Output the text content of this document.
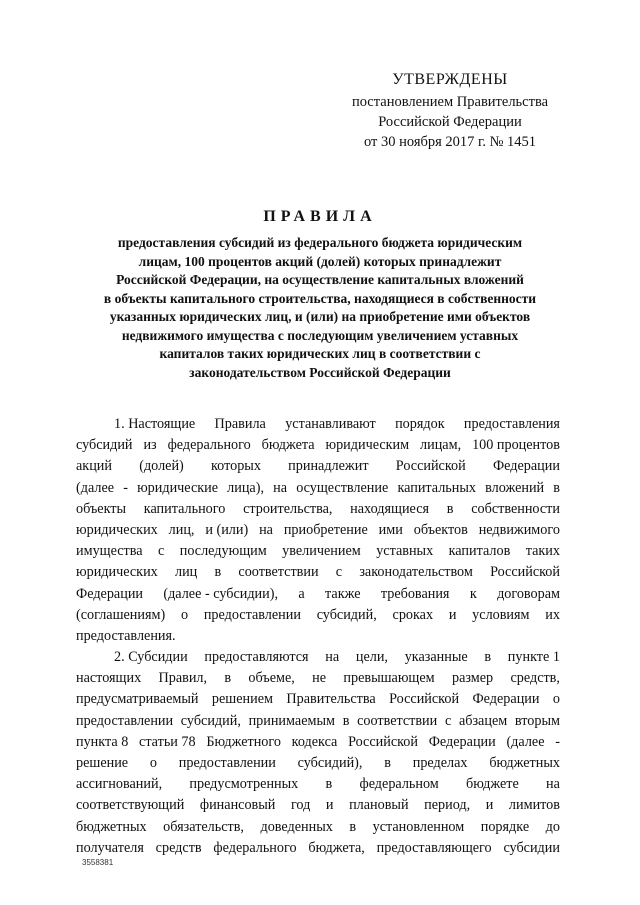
УТВЕРЖДЕНЫ
постановлением Правительства
Российской Федерации
от 30 ноября 2017 г. № 1451
ПРАВИЛА
предоставления субсидий из федерального бюджета юридическим
лицам, 100 процентов акций (долей) которых принадлежит
Российской Федерации, на осуществление капитальных вложений
в объекты капитального строительства, находящиеся в собственности
указанных юридических лиц, и (или) на приобретение ими объектов
недвижимого имущества с последующим увеличением уставных
капиталов таких юридических лиц в соответствии с
законодательством Российской Федерации
1. Настоящие Правила устанавливают порядок предоставления
субсидий из федерального бюджета юридическим лицам, 100 процентов
акций (долей) которых принадлежит Российской Федерации
(далее - юридические лица), на осуществление капитальных вложений в
объекты капитального строительства, находящиеся в собственности
юридических лиц, и (или) на приобретение ими объектов недвижимого
имущества с последующим увеличением уставных капиталов таких
юридических лиц в соответствии с законодательством Российской
Федерации (далее - субсидии), а также требования к договорам
(соглашениям) о предоставлении субсидий, сроках и условиям их
предоставления.
2. Субсидии предоставляются на цели, указанные в пункте 1
настоящих Правил, в объеме, не превышающем размер средств,
предусматриваемый решением Правительства Российской Федерации о
предоставлении субсидий, принимаемым в соответствии с абзацем вторым
пункта 8 статьи 78 Бюджетного кодекса Российской Федерации (далее -
решение о предоставлении субсидий), в пределах бюджетных
ассигнований, предусмотренных в федеральном бюджете на
соответствующий финансовый год и плановый период, и лимитов
бюджетных обязательств, доведенных в установленном порядке до
получателя средств федерального бюджета, предоставляющего субсидии
3558381
